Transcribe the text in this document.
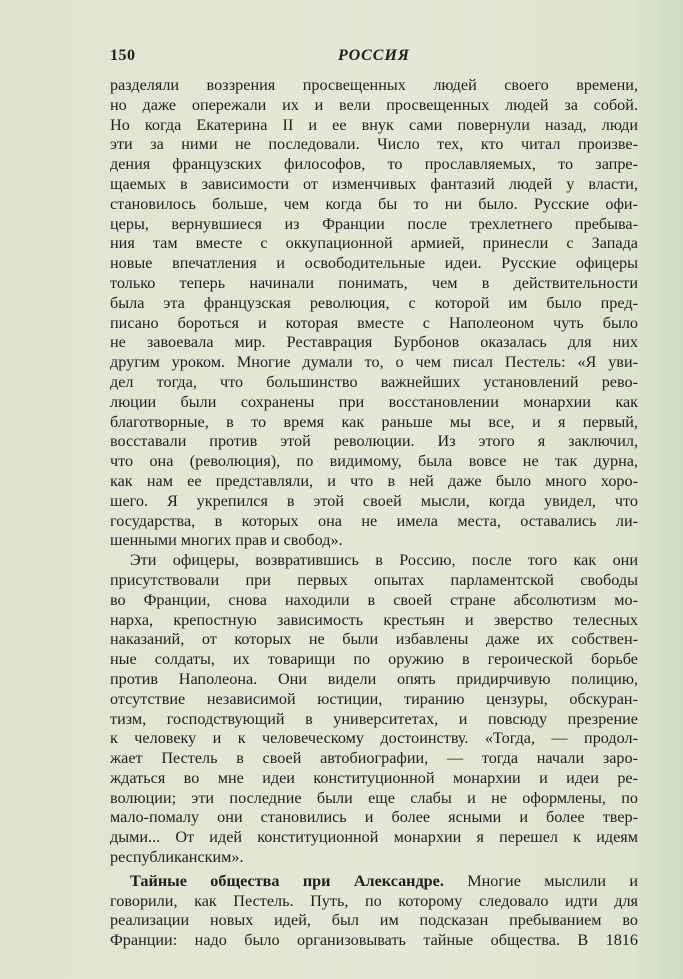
150	РОССИЯ
разделяли воззрения просвещенных людей своего времени,
но даже опережали их и вели просвещенных людей за собой.
Но когда Екатерина II и ее внук сами повернули назад, люди
эти за ними не последовали. Число тех, кто читал произве-
дения французских философов, то прославляемых, то запре-
щаемых в зависимости от изменчивых фантазий людей у власти,
становилось больше, чем когда бы то ни было. Русские офи-
церы, вернувшиеся из Франции после трехлетнего пребыва-
ния там вместе с оккупационной армией, принесли с Запада
новые впечатления и освободительные идеи. Русские офицеры
только теперь начинали понимать, чем в действительности
была эта французская революция, с которой им было пред-
писано бороться и которая вместе с Наполеоном чуть было
не завоевала мир. Реставрация Бурбонов оказалась для них
другим уроком. Многие думали то, о чем писал Пестель: «Я уви-
дел тогда, что большинство важнейших установлений рево-
люции были сохранены при восстановлении монархии как
благотворные, в то время как раньше мы все, и я первый,
восставали против этой революции. Из этого я заключил,
что она (революция), по видимому, была вовсе не так дурна,
как нам ее представляли, и что в ней даже было много хоро-
шего. Я укрепился в этой своей мысли, когда увидел, что
государства, в которых она не имела места, оставались ли-
шенными многих прав и свобод».
Эти офицеры, возвратившись в Россию, после того как они
присутствовали при первых опытах парламентской свободы
во Франции, снова находили в своей стране абсолютизм мо-
нарха, крепостную зависимость крестьян и зверство телесных
наказаний, от которых не были избавлены даже их собствен-
ные солдаты, их товарищи по оружию в героической борьбе
против Наполеона. Они видели опять придирчивую полицию,
отсутствие независимой юстиции, тиранию цензуры, обскуран-
тизм, господствующий в университетах, и повсюду презрение
к человеку и к человеческому достоинству. «Тогда, — продол-
жает Пестель в своей автобиографии, — тогда начали заро-
ждаться во мне идеи конституционной монархии и идеи ре-
волюции; эти последние были еще слабы и не оформлены, по
мало-помалу они становились и более ясными и более твер-
дыми... От идей конституционной монархии я перешел к идеям
республиканским».
Тайные общества при Александре. Многие мыслили и
говорили, как Пестель. Путь, по которому следовало идти для
реализации новых идей, был им подсказан пребыванием во
Франции: надо было организовывать тайные общества. В 1816
